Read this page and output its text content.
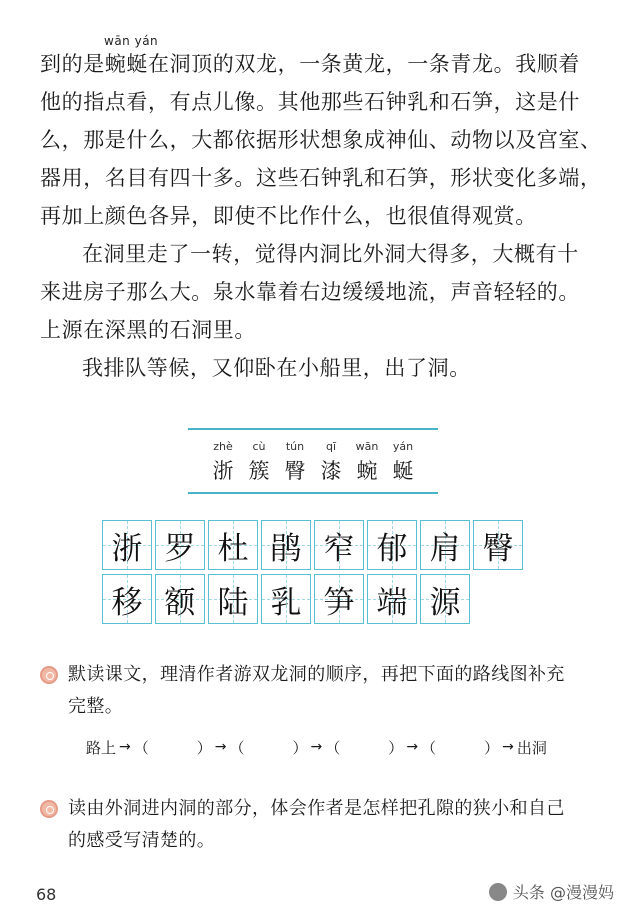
wān yán
到的是蜿蜒在洞顶的双龙，一条黄龙，一条青龙。我顺着
他的指点看，有点儿像。其他那些石钟乳和石笋，这是什
么，那是什么，大都依据形状想象成神仙、动物以及宫室、
器用，名目有四十多。这些石钟乳和石笋，形状变化多端，
再加上颜色各异，即使不比作什么，也很值得观赏。
在洞里走了一转，觉得内洞比外洞大得多，大概有十
来进房子那么大。泉水靠着右边缓缓地流，声音轻轻的。
上源在深黑的石洞里。
我排队等候，又仰卧在小船里，出了洞。
zhè	cù	tún	qī	wān	yán
浙 簇 臀 漆 蜿 蜒
浙 罗 杜 鹃 窄 郁 肩 臀
移 额 陆 乳 笋 端 源
默读课文，理清作者游双龙洞的顺序，再把下面的路线图补充
完整。
路上 → （	） → （	） → （	） → （	） → 出洞
读由外洞进内洞的部分，体会作者是怎样把孔隙的狭小和自己
的感受写清楚的。
68	头条 @漫漫妈
